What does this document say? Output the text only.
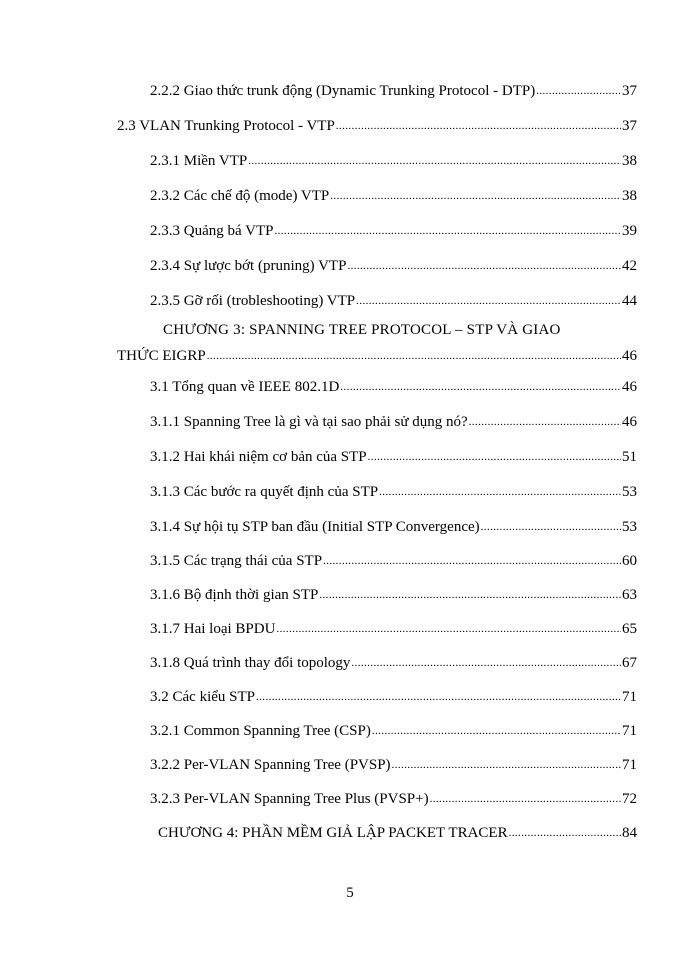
2.2.2 Giao thức trunk động (Dynamic Trunking Protocol - DTP) .....	37
2.3 VLAN Trunking Protocol - VTP .....	37
2.3.1 Miền VTP .....	38
2.3.2 Các chế độ (mode) VTP .....	38
2.3.3 Quảng bá VTP .....	39
2.3.4 Sự lược bớt (pruning) VTP .....	42
2.3.5 Gỡ rối (trobleshooting) VTP .....	44
CHƯƠNG 3: SPANNING TREE PROTOCOL – STP VÀ GIAO
THỨC EIGRP .....	46
3.1 Tổng quan về IEEE 802.1D .....	46
3.1.1 Spanning Tree là gì và tại sao phải sử dụng nó? .....	46
3.1.2 Hai khái niệm cơ bản của STP .....	51
3.1.3 Các bước ra quyết định của STP .....	53
3.1.4 Sự hội tụ STP ban đầu (Initial STP Convergence) .....	53
3.1.5 Các trạng thái của STP .....	60
3.1.6 Bộ định thời gian STP .....	63
3.1.7 Hai loại BPDU .....	65
3.1.8 Quá trình thay đổi topology .....	67
3.2 Các kiểu STP .....	71
3.2.1 Common Spanning Tree (CSP) .....	71
3.2.2 Per-VLAN Spanning Tree (PVSP) .....	71
3.2.3 Per-VLAN Spanning Tree Plus (PVSP+) .....	72
CHƯƠNG 4: PHẦN MỀM GIẢ LẬP PACKET TRACER .....	84
5
